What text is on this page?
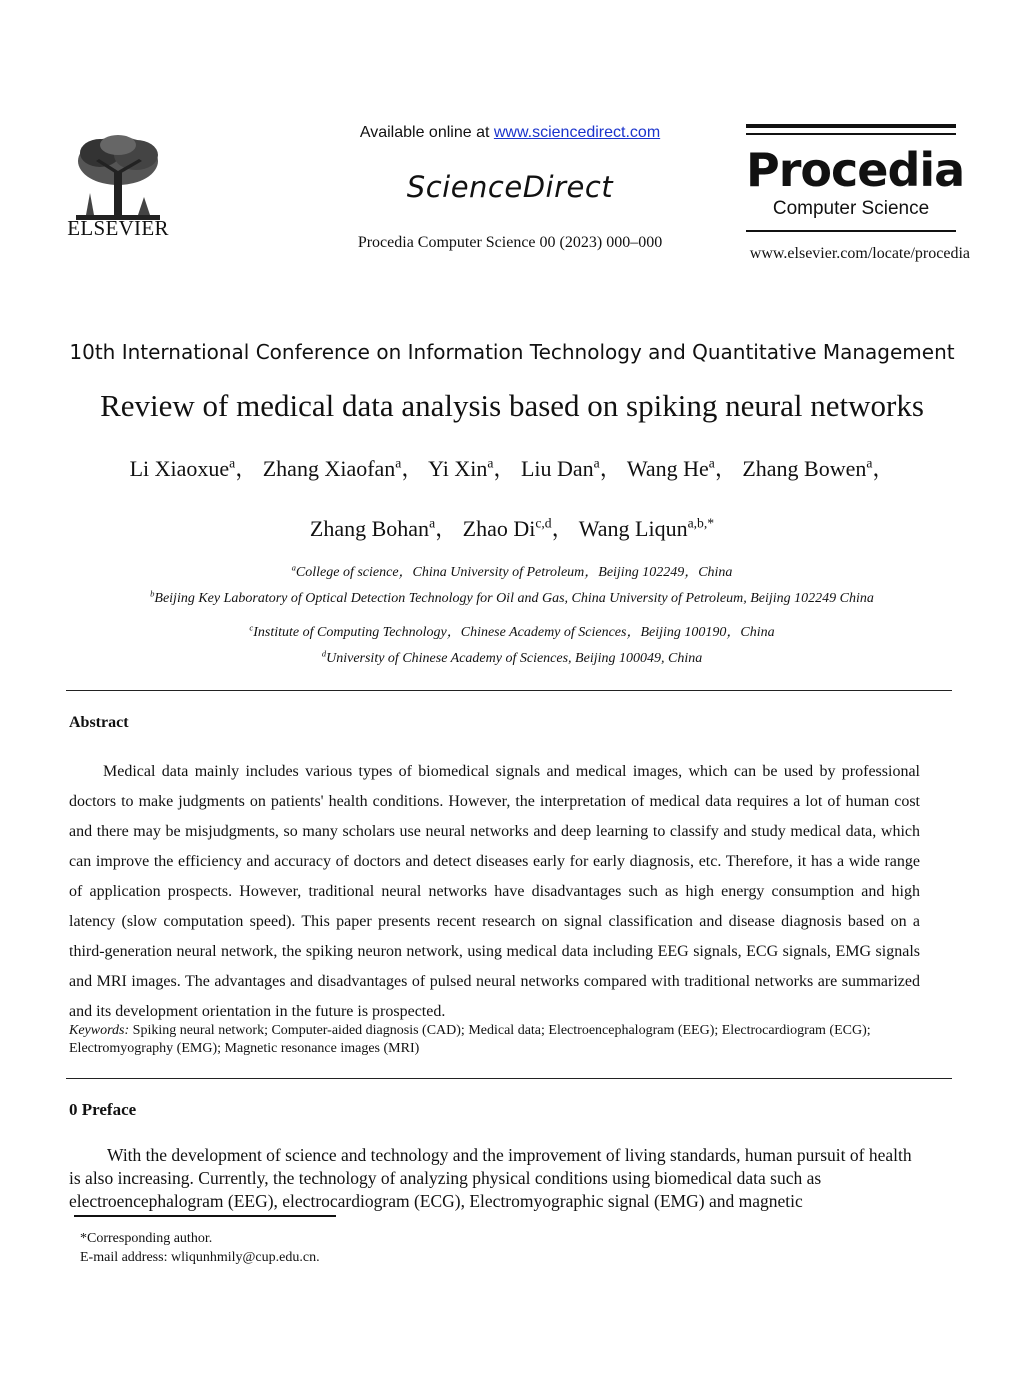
ELSEVIER
Available online at www.sciencedirect.com
ScienceDirect
Procedia Computer Science 00 (2023) 000–000
Procedia
Computer Science
www.elsevier.com/locate/procedia
10th International Conference on Information Technology and Quantitative Management
Review of medical data analysis based on spiking neural networks
Li Xiaoxue$^a$， Zhang Xiaofan$^a$， Yi Xin$^a$， Liu Dan$^a$， Wang He$^a$， Zhang Bowen$^a$，
Zhang Bohan$^a$， Zhao Di$^{c,d}$， Wang Liqun$^{a,b,*}$
$^a$College of science，China University of Petroleum，Beijing 102249，China
$^b$Beijing Key Laboratory of Optical Detection Technology for Oil and Gas, China University of Petroleum, Beijing 102249 China
$^c$Institute of Computing Technology，Chinese Academy of Sciences，Beijing 100190，China
$^d$University of Chinese Academy of Sciences, Beijing 100049, China
Abstract
Medical data mainly includes various types of biomedical signals and medical images, which can be used by professional doctors to make judgments on patients' health conditions. However, the interpretation of medical data requires a lot of human cost and there may be misjudgments, so many scholars use neural networks and deep learning to classify and study medical data, which can improve the efficiency and accuracy of doctors and detect diseases early for early diagnosis, etc. Therefore, it has a wide range of application prospects. However, traditional neural networks have disadvantages such as high energy consumption and high latency (slow computation speed). This paper presents recent research on signal classification and disease diagnosis based on a third-generation neural network, the spiking neuron network, using medical data including EEG signals, ECG signals, EMG signals and MRI images. The advantages and disadvantages of pulsed neural networks compared with traditional networks are summarized and its development orientation in the future is prospected.
Keywords: Spiking neural network; Computer-aided diagnosis (CAD); Medical data; Electroencephalogram (EEG); Electrocardiogram (ECG); Electromyography (EMG); Magnetic resonance images (MRI)
0 Preface
With the development of science and technology and the improvement of living standards, human pursuit of health is also increasing. Currently, the technology of analyzing physical conditions using biomedical data such as electroencephalogram (EEG), electrocardiogram (ECG), Electromyographic signal (EMG) and magnetic
*Corresponding author.
E-mail address: wliqunhmily@cup.edu.cn.
